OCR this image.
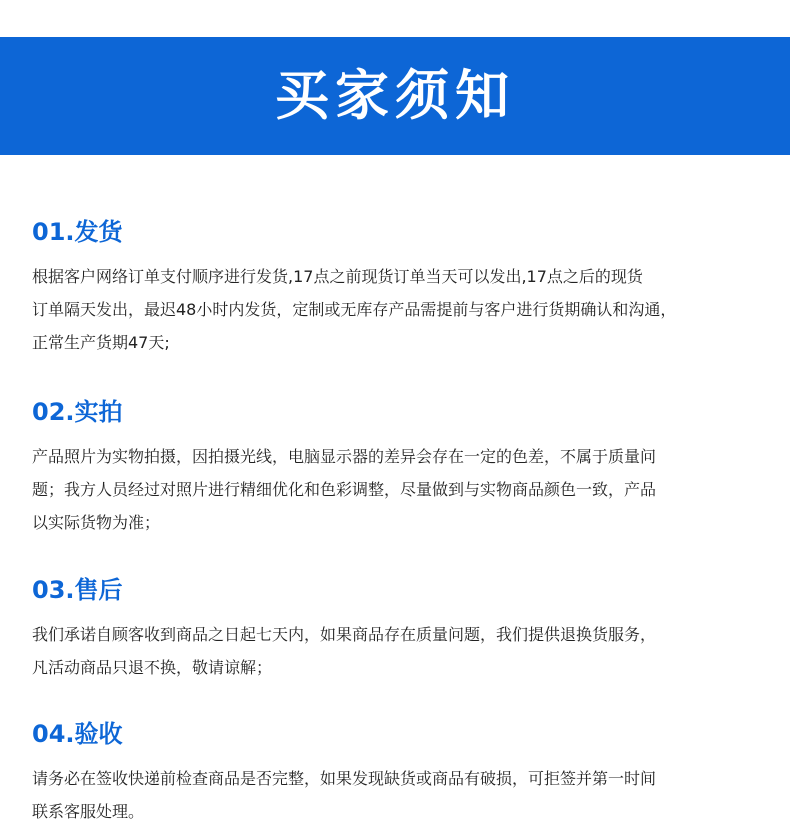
买家须知
01.发货
根据客户网络订单支付顺序进行发货,17点之前现货订单当天可以发出,17点之后的现货
订单隔天发出，最迟48小时内发货，定制或无库存产品需提前与客户进行货期确认和沟通，
正常生产货期47天;
02.实拍
产品照片为实物拍摄，因拍摄光线，电脑显示器的差异会存在一定的色差，不属于质量问
题；我方人员经过对照片进行精细优化和色彩调整，尽量做到与实物商品颜色一致，产品
以实际货物为准；
03.售后
我们承诺自顾客收到商品之日起七天内，如果商品存在质量问题，我们提供退换货服务，
凡活动商品只退不换，敬请谅解；
04.验收
请务必在签收快递前检查商品是否完整，如果发现缺货或商品有破损，可拒签并第一时间
联系客服处理。
